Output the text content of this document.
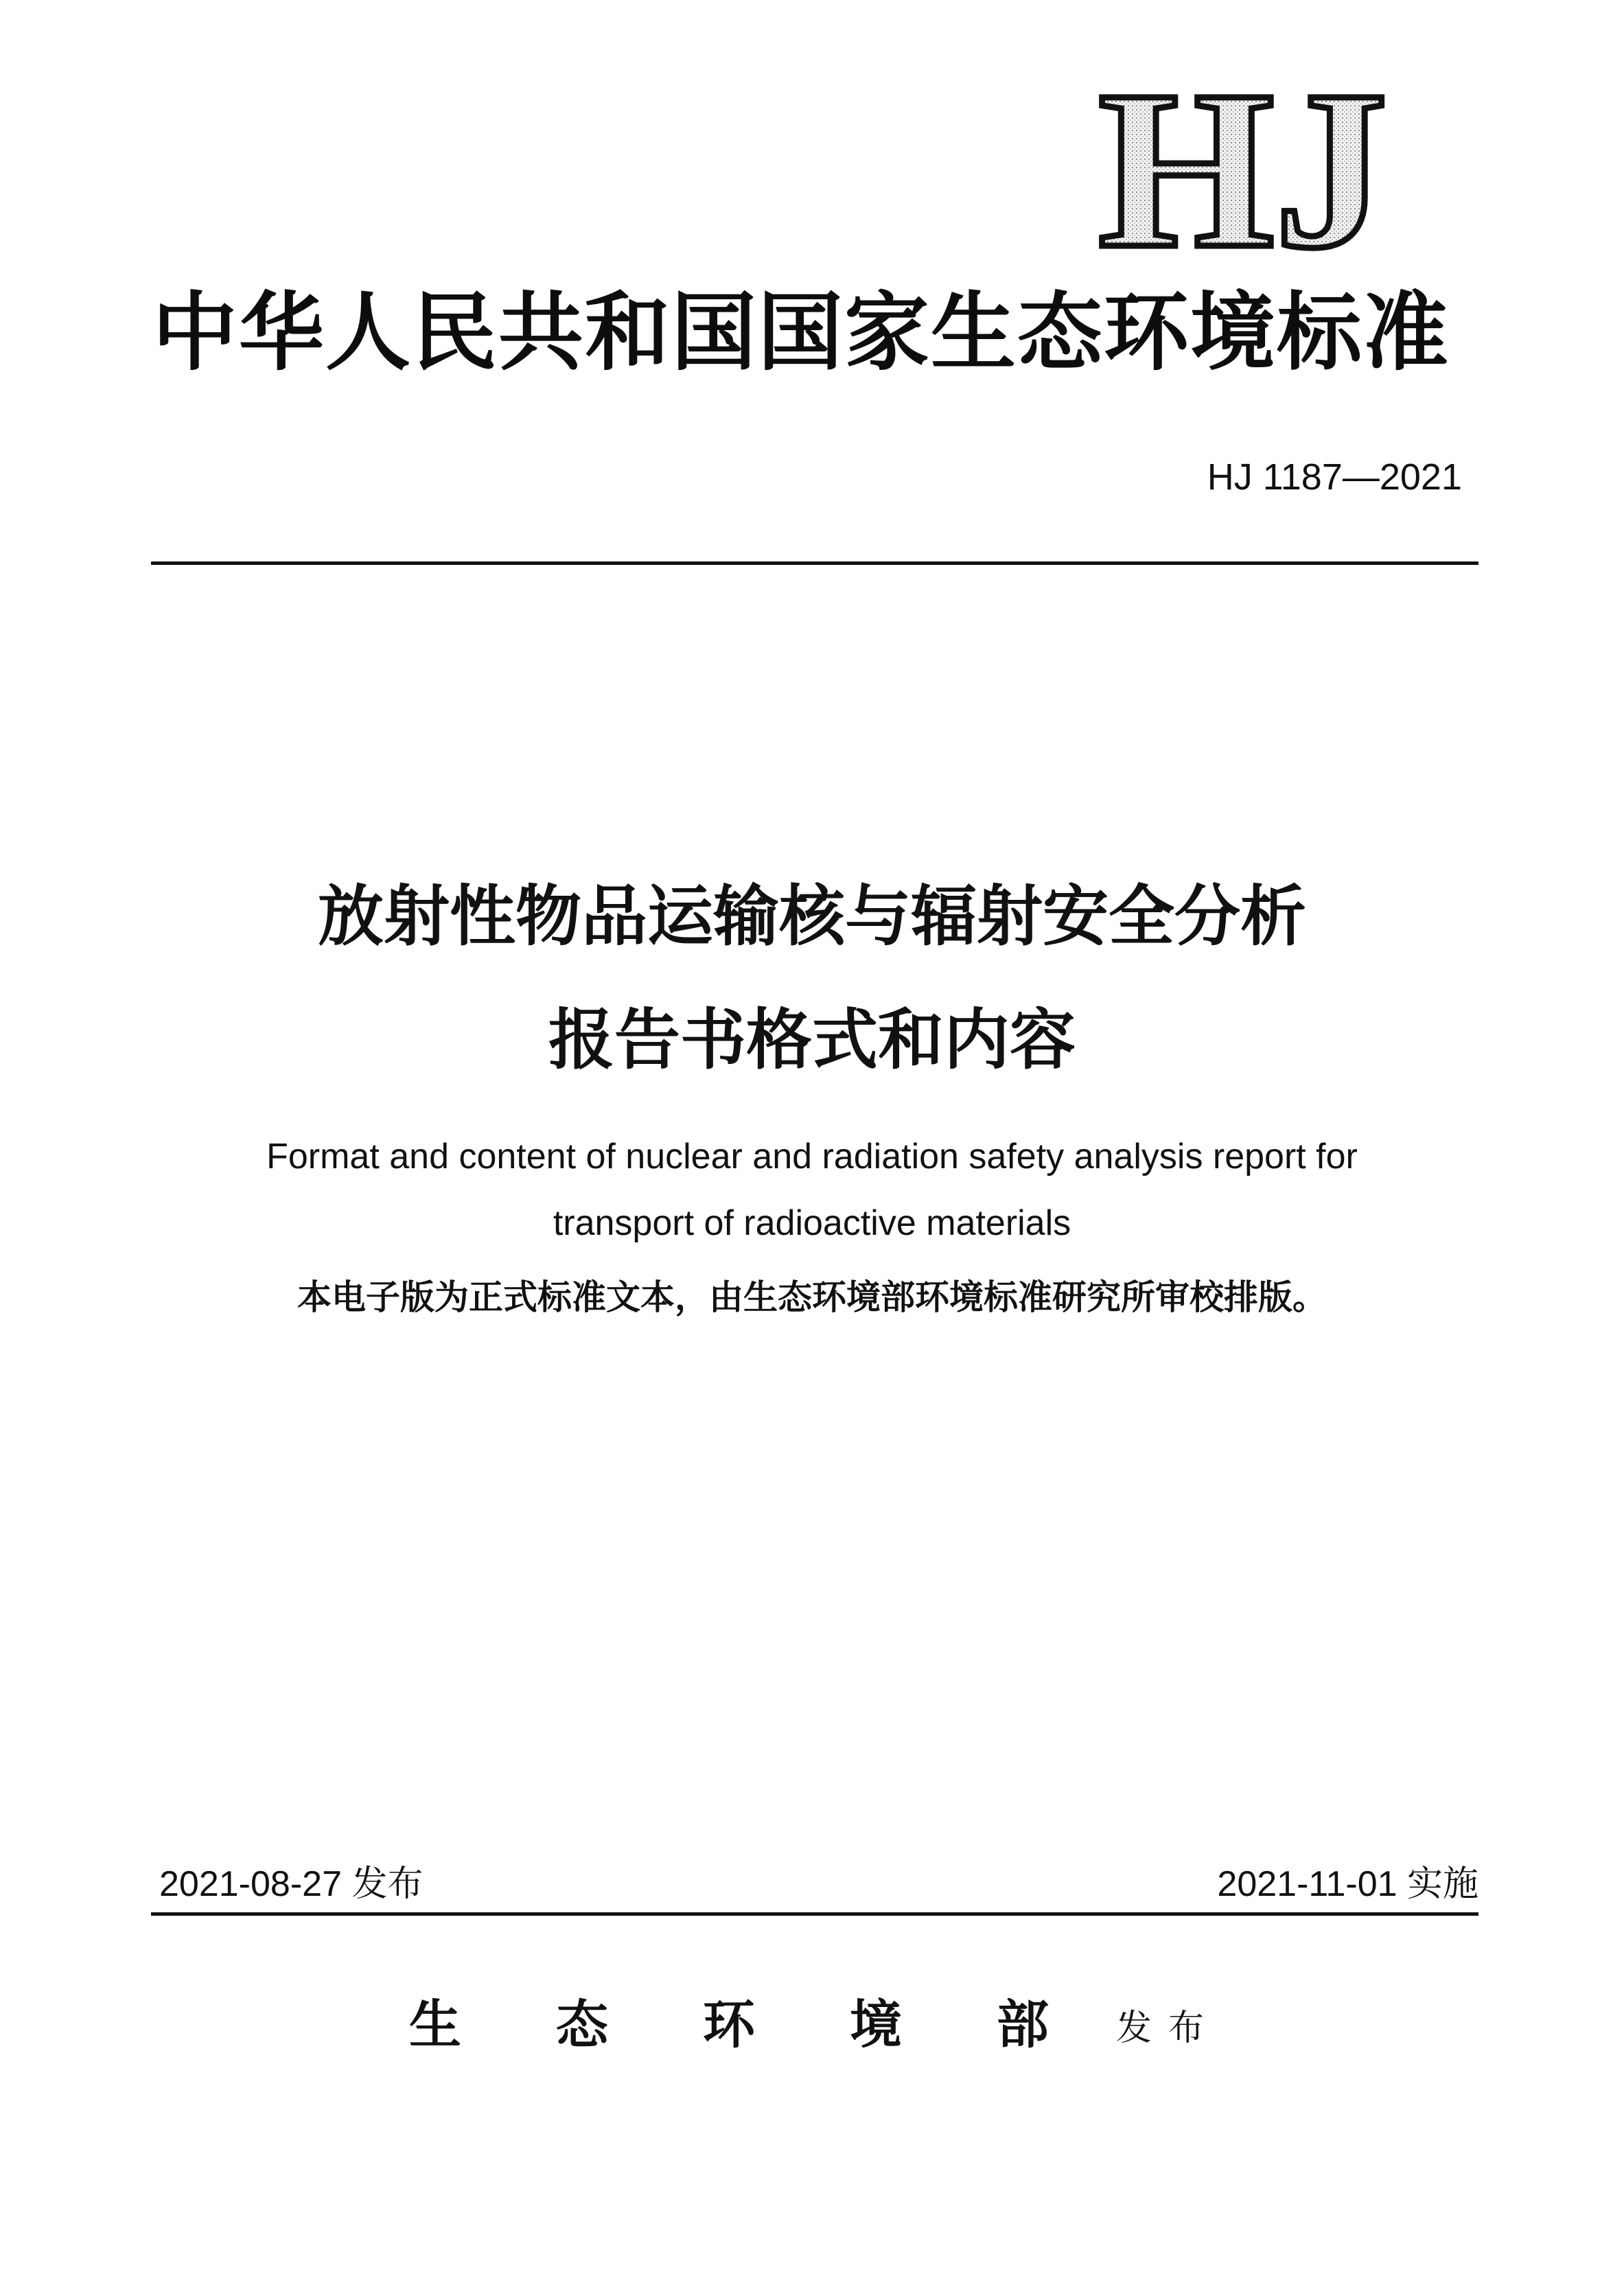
HJ
中华人民共和国国家生态环境标准
HJ 1187—2021
放射性物品运输核与辐射安全分析
报告书格式和内容
Format and content of nuclear and radiation safety analysis report for
transport of radioactive materials
本电子版为正式标准文本，由生态环境部环境标准研究所审校排版。
2021-08-27 发布	2021-11-01 实施
生态环境部
发布
